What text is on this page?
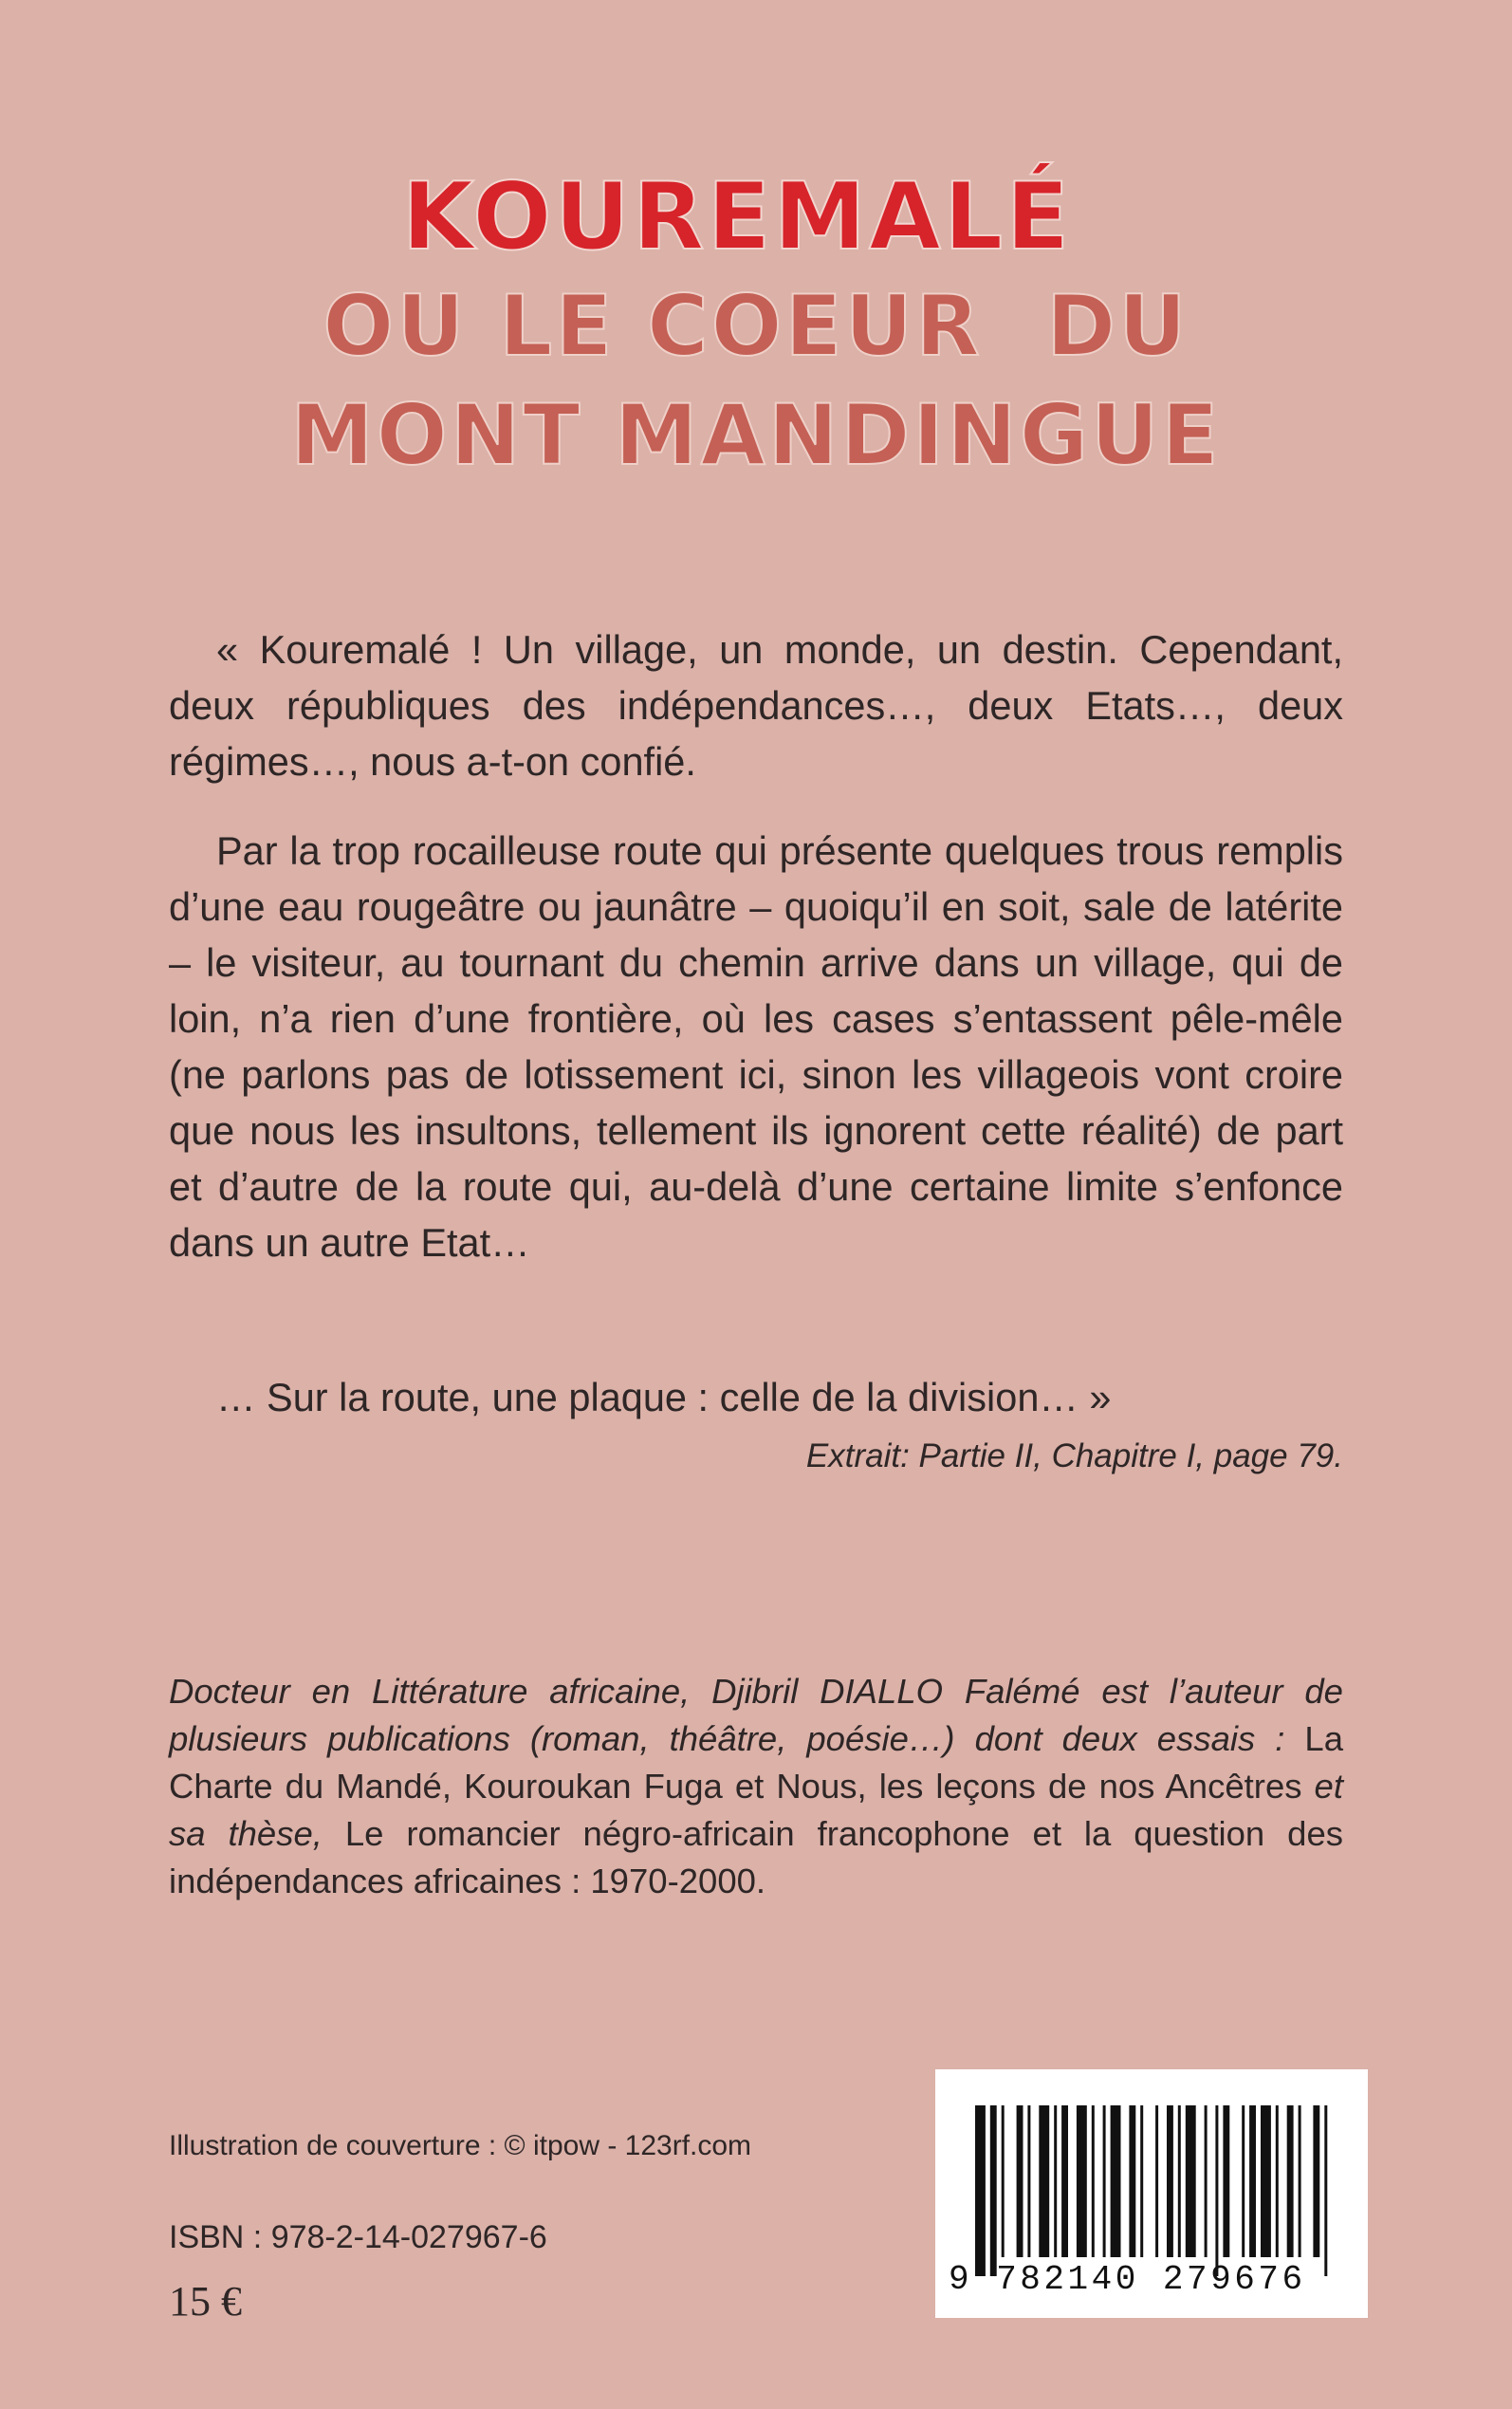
KOUREMALÉ
OU LE COEUR  DU
MONT MANDINGUE

« Kouremalé ! Un village, un monde, un destin. Cependant, deux républiques des indépendances…, deux Etats…, deux régimes…, nous a-t-on confié.

Par la trop rocailleuse route qui présente quelques trous remplis d’une eau rougeâtre ou jaunâtre – quoiqu’il en soit, sale de latérite – le visiteur, au tournant du chemin arrive dans un village, qui de loin, n’a rien d’une frontière, où les cases s’entassent pêle-mêle (ne parlons pas de lotissement ici, sinon les villageois vont croire que nous les insultons, tellement ils ignorent cette réalité) de part et d’autre de la route qui, au-delà d’une certaine limite s’enfonce dans un autre Etat…

… Sur la route, une plaque : celle de la division… »

Extrait: Partie II, Chapitre I, page 79.

Docteur en Littérature africaine, Djibril DIALLO Falémé est l’auteur de plusieurs publications (roman, théâtre, poésie…) dont deux essais : La Charte du Mandé, Kouroukan Fuga et Nous, les leçons de nos Ancêtres et sa thèse, Le romancier négro-africain francophone et la question des indépendances africaines : 1970-2000.

Illustration de couverture : © itpow - 123rf.com

ISBN : 978-2-14-027967-6

15 €	9 782140 279676
